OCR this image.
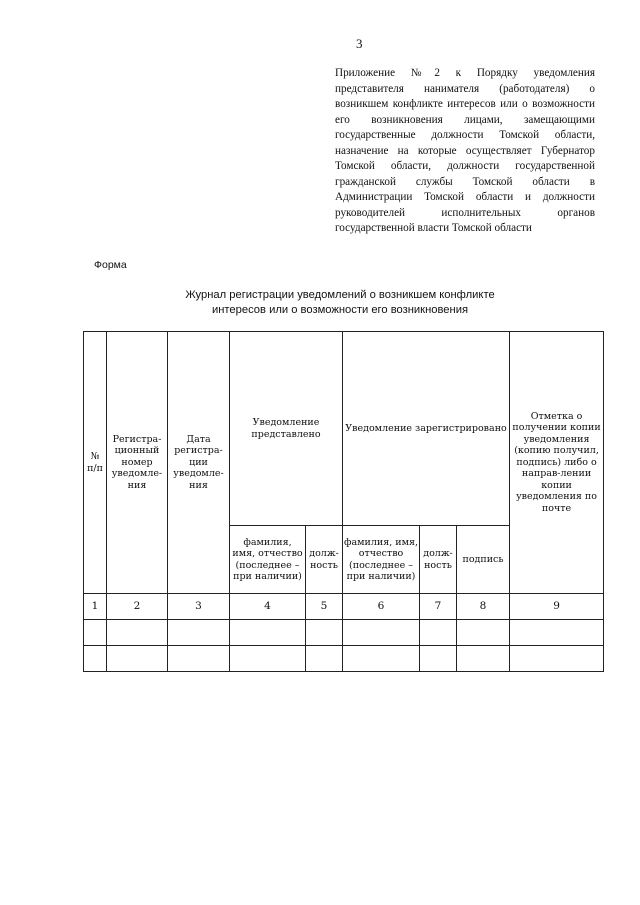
3
Приложение №2 к Порядку уведомления представителя нанимателя (работодателя) о возникшем конфликте интересов или о возможности его возникновения лицами, замещающими государственные должности Томской области, назначение на которые осуществляет Губернатор Томской области, должности государственной гражданской службы Томской области в Администрации Томской области и должности руководителей исполнительных органов государственной власти Томской области
Форма
Журнал регистрации уведомлений о возникшем конфликте
интересов или о возможности его возникновения
№ п/п	Регистра-ционный номер уведомле-ния	Дата регистра-ции уведомле-ния	Уведомление представлено		Уведомление зарегистрировано			Отметка о получении копии уведомления (копию получил, подпись) либо о направ-лении копии уведомления по почте
			фамилия, имя, отчество (последнее – при наличии)	долж-ность	фамилия, имя, отчество (последнее – при наличии)	долж-ность	подпись	
1	2	3	4	5	6	7	8	9
